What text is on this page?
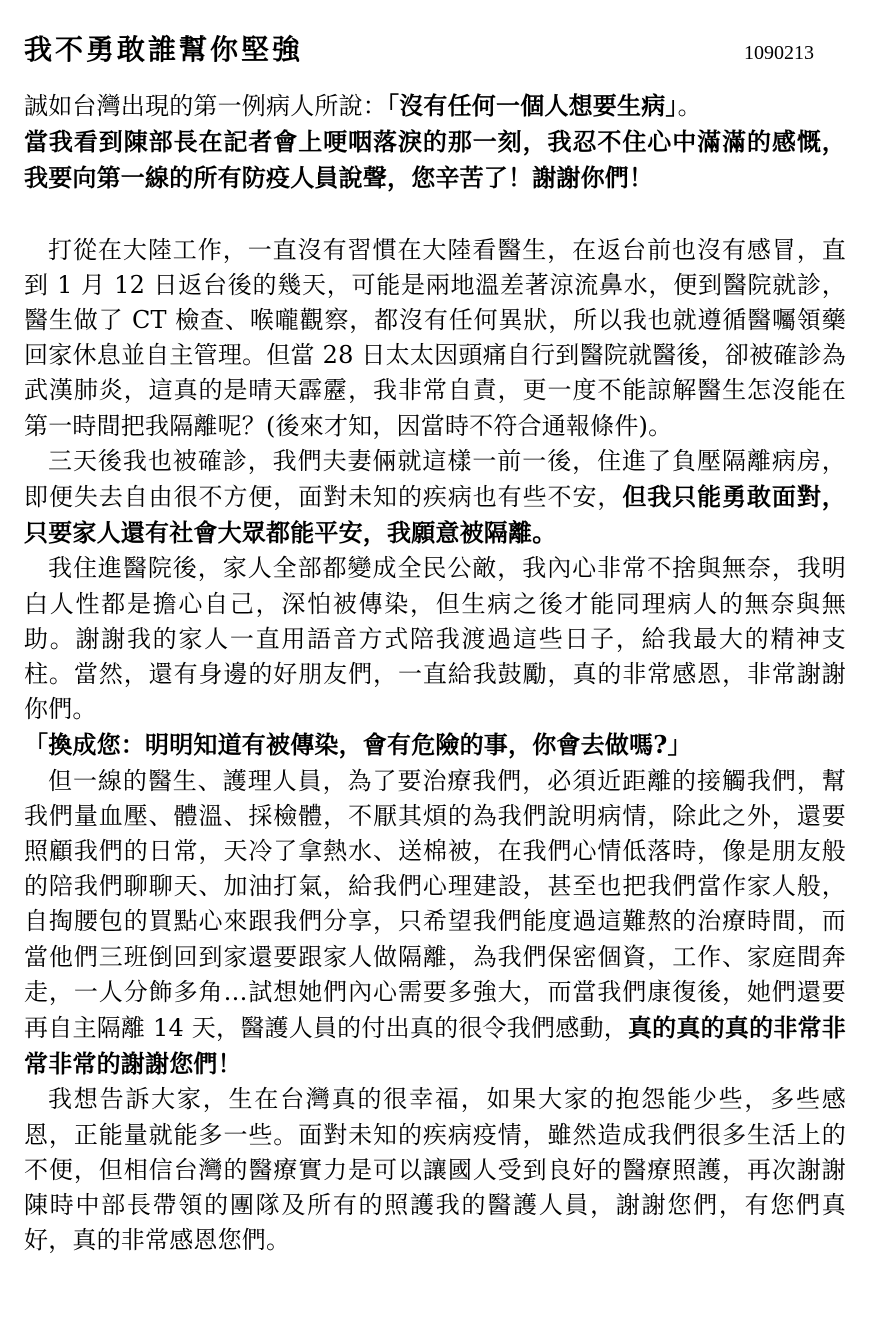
我不勇敢誰幫你堅強	1090213

誠如台灣出現的第一例病人所說：「沒有任何一個人想要生病」。

當我看到陳部長在記者會上哽咽落淚的那一刻，我忍不住心中滿滿的感慨，我要向第一線的所有防疫人員說聲，您辛苦了！謝謝你們！

打從在大陸工作，一直沒有習慣在大陸看醫生，在返台前也沒有感冒，直到 1 月 12 日返台後的幾天，可能是兩地溫差著涼流鼻水，便到醫院就診，醫生做了 CT 檢查、喉嚨觀察，都沒有任何異狀，所以我也就遵循醫囑領藥回家休息並自主管理。但當 28 日太太因頭痛自行到醫院就醫後，卻被確診為武漢肺炎，這真的是晴天霹靂，我非常自責，更一度不能諒解醫生怎沒能在第一時間把我隔離呢？(後來才知，因當時不符合通報條件)。

三天後我也被確診，我們夫妻倆就這樣一前一後，住進了負壓隔離病房，即便失去自由很不方便，面對未知的疾病也有些不安，但我只能勇敢面對，只要家人還有社會大眾都能平安，我願意被隔離。

我住進醫院後，家人全部都變成全民公敵，我內心非常不捨與無奈，我明白人性都是擔心自己，深怕被傳染，但生病之後才能同理病人的無奈與無助。謝謝我的家人一直用語音方式陪我渡過這些日子，給我最大的精神支柱。當然，還有身邊的好朋友們，一直給我鼓勵，真的非常感恩，非常謝謝你們。

「換成您：明明知道有被傳染，會有危險的事，你會去做嗎?」

但一線的醫生、護理人員，為了要治療我們，必須近距離的接觸我們，幫我們量血壓、體溫、採檢體，不厭其煩的為我們說明病情，除此之外，還要照顧我們的日常，天冷了拿熱水、送棉被，在我們心情低落時，像是朋友般的陪我們聊聊天、加油打氣，給我們心理建設，甚至也把我們當作家人般，自掏腰包的買點心來跟我們分享，只希望我們能度過這難熬的治療時間，而當他們三班倒回到家還要跟家人做隔離，為我們保密個資，工作、家庭間奔走，一人分飾多角…試想她們內心需要多強大，而當我們康復後，她們還要再自主隔離 14 天，醫護人員的付出真的很令我們感動，真的真的真的非常非常非常的謝謝您們！

我想告訴大家，生在台灣真的很幸福，如果大家的抱怨能少些，多些感恩，正能量就能多一些。面對未知的疾病疫情，雖然造成我們很多生活上的不便，但相信台灣的醫療實力是可以讓國人受到良好的醫療照護，再次謝謝陳時中部長帶領的團隊及所有的照護我的醫護人員，謝謝您們，有您們真好，真的非常感恩您們。
